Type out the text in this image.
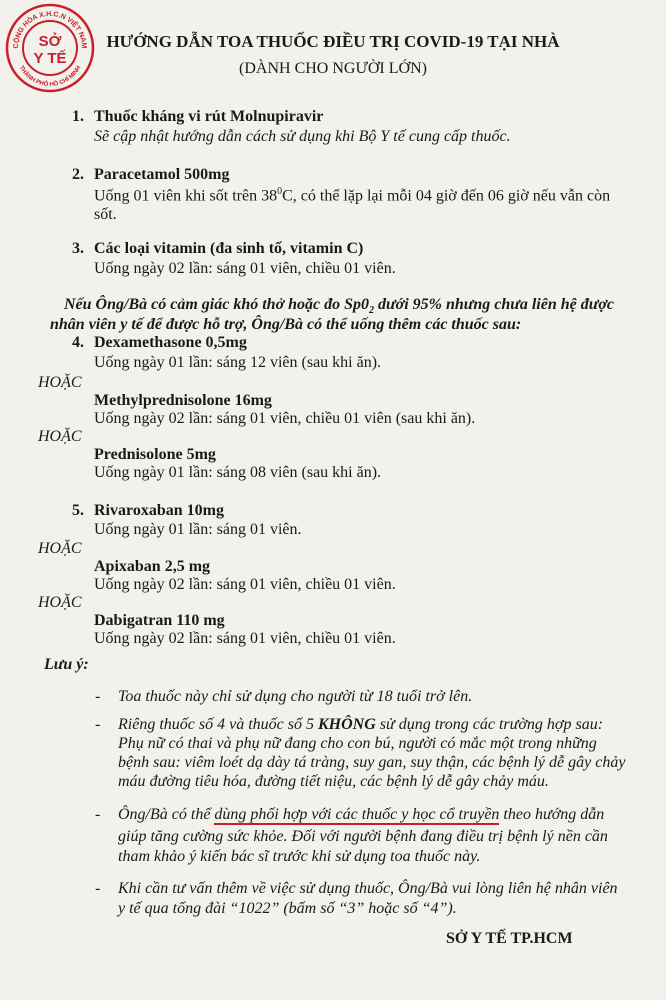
CỘNG HÒA X.H.C.N VIỆT NAM
THÀNH PHỐ HỒ CHÍ MINH
SỞ
Y TẾ
HƯỚNG DẪN TOA THUỐC ĐIỀU TRỊ COVID-19 TẠI NHÀ
(DÀNH CHO NGƯỜI LỚN)
1. Thuốc kháng vi rút Molnupiravir
Sẽ cập nhật hướng dẫn cách sử dụng khi Bộ Y tế cung cấp thuốc.
2. Paracetamol 500mg
Uống 01 viên khi sốt trên $38^0C$, có thể lặp lại mỗi 04 giờ đến 06 giờ nếu vẫn còn
sốt.
3. Các loại vitamin (đa sinh tố, vitamin C)
Uống ngày 02 lần: sáng 01 viên, chiều 01 viên.
Nếu Ông/Bà có cảm giác khó thở hoặc đo $Sp0_2$ dưới 95% nhưng chưa liên hệ được
nhân viên y tế để được hỗ trợ, Ông/Bà có thể uống thêm các thuốc sau:
4. Dexamethasone 0,5mg
Uống ngày 01 lần: sáng 12 viên (sau khi ăn).
HOẶC
Methylprednisolone 16mg
Uống ngày 02 lần: sáng 01 viên, chiều 01 viên (sau khi ăn).
HOẶC
Prednisolone 5mg
Uống ngày 01 lần: sáng 08 viên (sau khi ăn).
5. Rivaroxaban 10mg
Uống ngày 01 lần: sáng 01 viên.
HOẶC
Apixaban 2,5 mg
Uống ngày 02 lần: sáng 01 viên, chiều 01 viên.
HOẶC
Dabigatran 110 mg
Uống ngày 02 lần: sáng 01 viên, chiều 01 viên.
Lưu ý:
- Toa thuốc này chỉ sử dụng cho người từ 18 tuổi trở lên.
- Riêng thuốc số 4 và thuốc số 5 KHÔNG sử dụng trong các trường hợp sau:
Phụ nữ có thai và phụ nữ đang cho con bú, người có mắc một trong những
bệnh sau: viêm loét dạ dày tá tràng, suy gan, suy thận, các bệnh lý dễ gây chảy
máu đường tiêu hóa, đường tiết niệu, các bệnh lý dễ gây chảy máu.
- Ông/Bà có thể dùng phối hợp với các thuốc y học cổ truyền theo hướng dẫn
giúp tăng cường sức khỏe. Đối với người bệnh đang điều trị bệnh lý nền cần
tham khảo ý kiến bác sĩ trước khi sử dụng toa thuốc này.
- Khi cần tư vấn thêm về việc sử dụng thuốc, Ông/Bà vui lòng liên hệ nhân viên
y tế qua tổng đài “1022” (bấm số “3” hoặc số “4”).
SỞ Y TẾ TP.HCM
